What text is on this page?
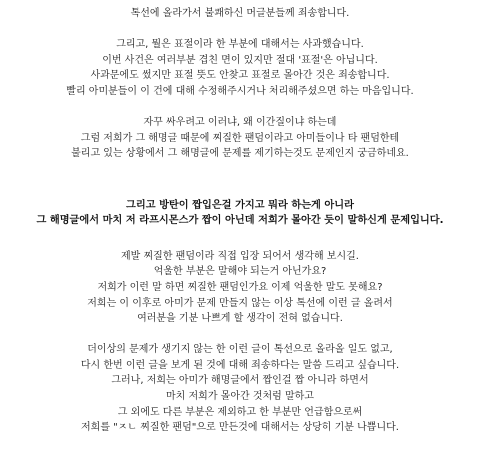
톡선에 올라가서 불쾌하신 머글분들께 죄송합니다.
그리고, 뭘은 표절이라 한 부분에 대해서는 사과했습니다.
이번 사건은 여러부분 겹친 면이 있지만 절대 '표절'은 아닙니다.
사과문에도 썼지만 표절 뜻도 안찾고 표절로 몰아간 것은 죄송합니다.
빨리 아미분들이 이 건에 대해 수정해주시거나 처리해주셨으면 하는 마음입니다.
자꾸 싸우려고 이러냐, 왜 이간질이냐 하는데
그럼 저희가 그 해명글 때문에 찌질한 팬덤이라고 아미들이나 타 팬덤한테
불리고 있는 상황에서 그 해명글에 문제를 제기하는것도 문제인지 궁금하네요.
그리고 방탄이 짭입은걸 가지고 뭐라 하는게 아니라
그 해명글에서 마치 저 라프시몬스가 짭이 아닌데 저희가 몰아간 듯이 말하신게 문제입니다.
제발 찌질한 팬덤이라 직접 입장 되어서 생각해 보시길.
억울한 부분은 말해야 되는거 아닌가요?
저희가 이런 말 하면 찌질한 팬덤인가요 이제 억울한 말도 못해요?
저희는 이 이후로 아미가 문제 만들지 않는 이상 톡선에 이런 글 올려서
여러분을 기분 나쁘게 할 생각이 전혀 없습니다.
더이상의 문제가 생기지 않는 한 이런 글이 톡선으로 올라올 일도 없고,
다시 한번 이런 글을 보게 된 것에 대해 죄송하다는 말씀 드리고 싶습니다.
그러나, 저희는 아미가 해명글에서 짭인걸 짭 아니라 하면서
마치 저희가 몰아간 것처럼 말하고
그 외에도 다른 부분은 제외하고 한 부분만 언급함으로써
저희를 "ㅈㄴ 찌질한 팬덤"으로 만든것에 대해서는 상당히 기분 나쁩니다.
